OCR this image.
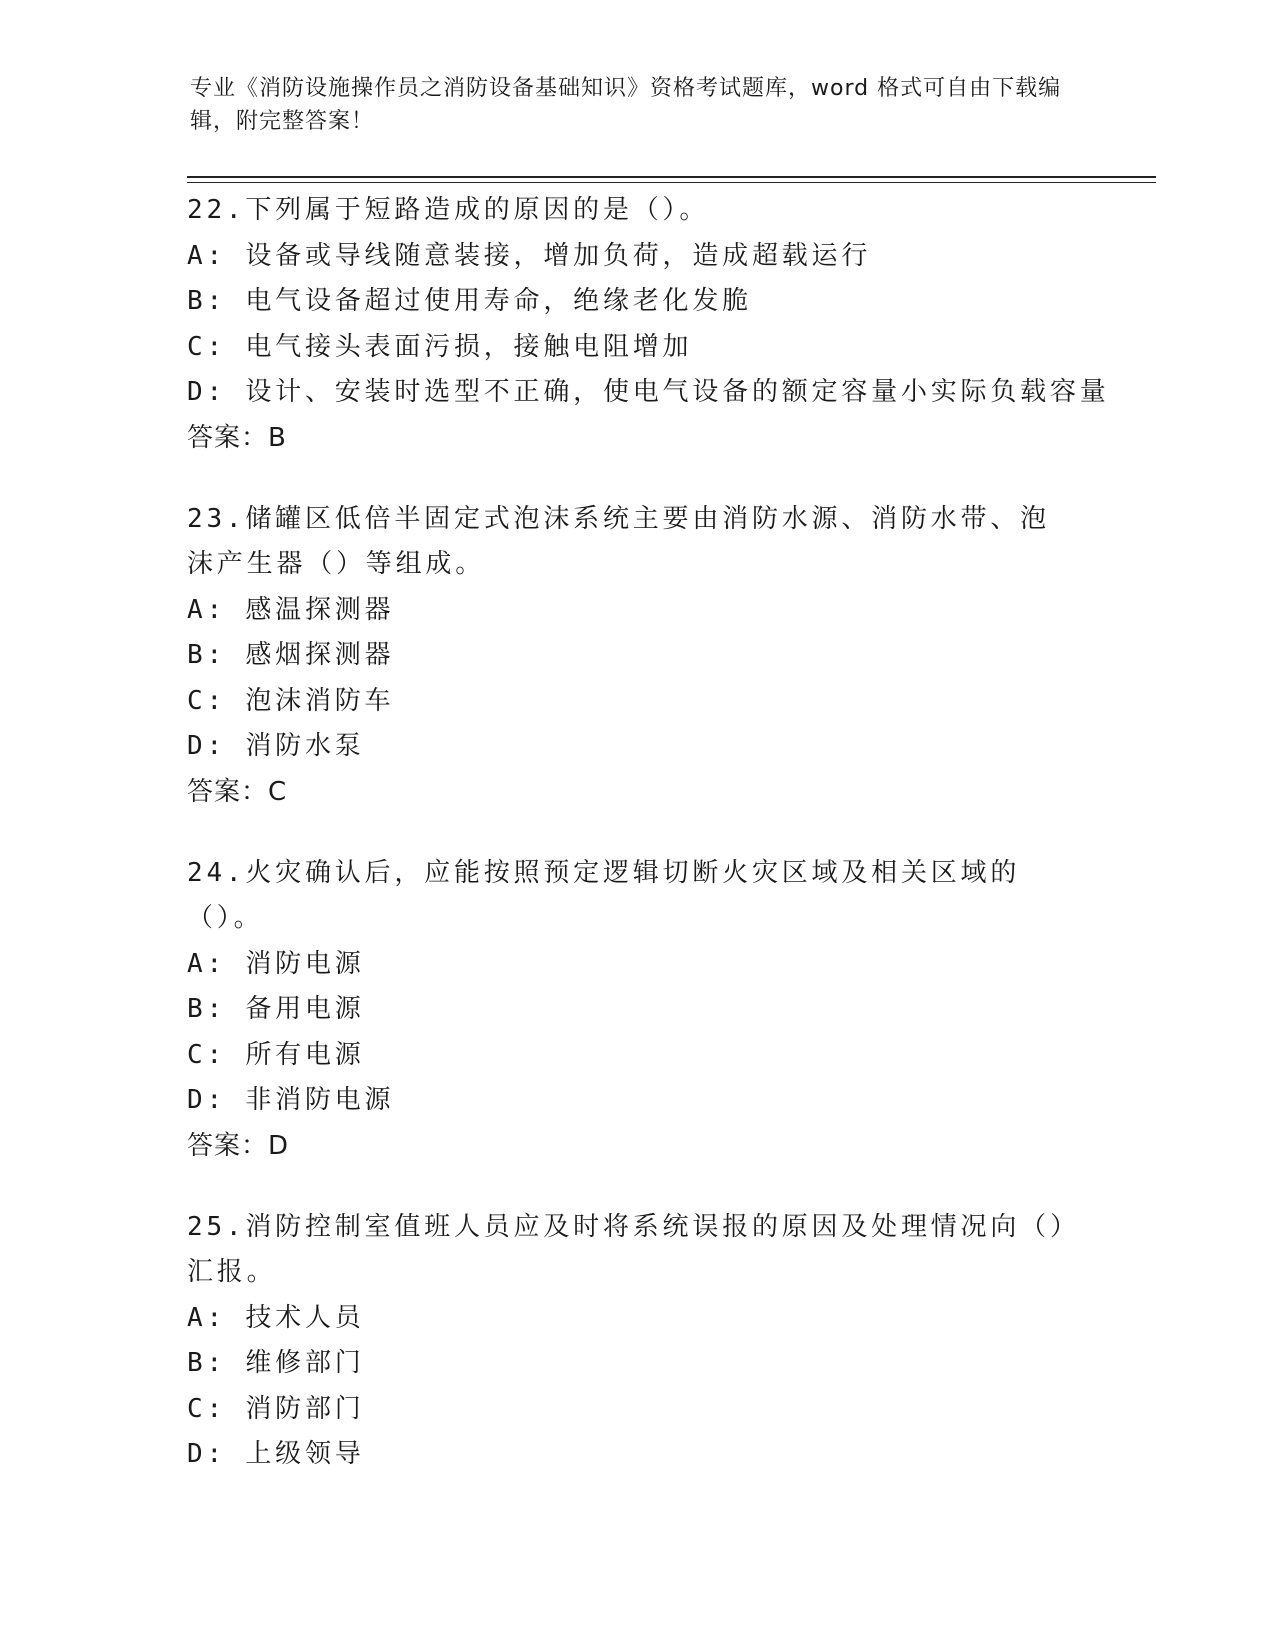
专业《消防设施操作员之消防设备基础知识》资格考试题库，word 格式可自由下载编辑，附完整答案！
22.下列属于短路造成的原因的是（）。
A: 设备或导线随意装接，增加负荷，造成超载运行
B: 电气设备超过使用寿命，绝缘老化发脆
C: 电气接头表面污损，接触电阻增加
D: 设计、安装时选型不正确，使电气设备的额定容量小实际负载容量
答案：B
23.储罐区低倍半固定式泡沫系统主要由消防水源、消防水带、泡沫产生器（）等组成。
A: 感温探测器
B: 感烟探测器
C: 泡沫消防车
D: 消防水泵
答案：C
24.火灾确认后，应能按照预定逻辑切断火灾区域及相关区域的（）。
A: 消防电源
B: 备用电源
C: 所有电源
D: 非消防电源
答案：D
25.消防控制室值班人员应及时将系统误报的原因及处理情况向（）汇报。
A: 技术人员
B: 维修部门
C: 消防部门
D: 上级领导
